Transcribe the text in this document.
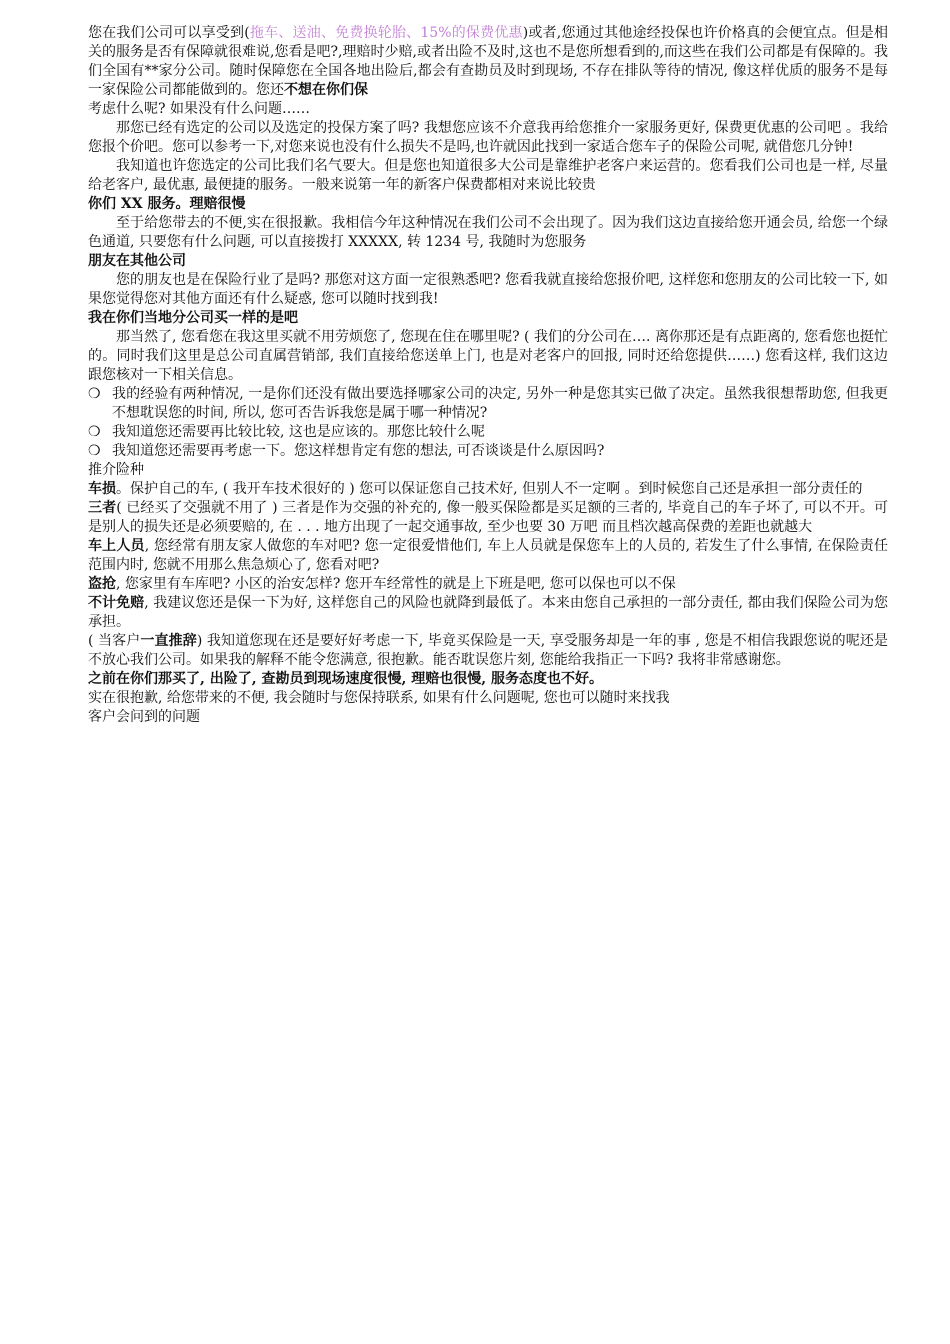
您在我们公司可以享受到(拖车、送油、免费换轮胎、15%的保费优惠)或者,您通过其他途经投保也许价格真的会便宜点。但是相关的服务是否有保障就很难说,您看是吧?,理赔时少赔,或者出险不及时,这也不是您所想看到的,而这些在我们公司都是有保障的。我们全国有**家分公司。随时保障您在全国各地出险后,都会有查勘员及时到现场, 不存在排队等待的情况, 像这样优质的服务不是每一家保险公司都能做到的。您还不想在你们保
考虑什么呢? 如果没有什么问题……

那您已经有选定的公司以及选定的投保方案了吗? 我想您应该不介意我再给您推介一家服务更好, 保费更优惠的公司吧 。我给您报个价吧。您可以参考一下,对您来说也没有什么损失不是吗,也许就因此找到一家适合您车子的保险公司呢, 就借您几分钟!

我知道也许您选定的公司比我们名气要大。但是您也知道很多大公司是靠维护老客户来运营的。您看我们公司也是一样, 尽量给老客户, 最优惠, 最便捷的服务。一般来说第一年的新客户保费都相对来说比较贵

你们 XX 服务。理赔很慢

至于给您带去的不便,实在很报歉。我相信今年这种情况在我们公司不会出现了。因为我们这边直接给您开通会员, 给您一个绿色通道, 只要您有什么问题, 可以直接拨打 XXXXX, 转 1234 号, 我随时为您服务

朋友在其他公司

您的朋友也是在保险行业了是吗? 那您对这方面一定很熟悉吧? 您看我就直接给您报价吧, 这样您和您朋友的公司比较一下, 如果您觉得您对其他方面还有什么疑惑, 您可以随时找到我!

我在你们当地分公司买一样的是吧

那当然了, 您看您在我这里买就不用劳烦您了, 您现在住在哪里呢? ( 我们的分公司在…. 离你那还是有点距离的, 您看您也挺忙的。同时我们这里是总公司直属营销部, 我们直接给您送单上门, 也是对老客户的回报, 同时还给您提供……) 您看这样, 我们这边跟您核对一下相关信息。

❍ 我的经验有两种情况, 一是你们还没有做出要选择哪家公司的决定, 另外一种是您其实已做了决定。虽然我很想帮助您, 但我更不想耽误您的时间, 所以, 您可否告诉我您是属于哪一种情况?
❍ 我知道您还需要再比较比较, 这也是应该的。那您比较什么呢
❍ 我知道您还需要再考虑一下。您这样想肯定有您的想法, 可否谈谈是什么原因吗?

推介险种

车损。保护自己的车, ( 我开车技术很好的 ) 您可以保证您自己技术好, 但别人不一定啊 。到时候您自己还是承担一部分责任的

三者( 已经买了交强就不用了 ) 三者是作为交强的补充的, 像一般买保险都是买足额的三者的, 毕竟自己的车子坏了, 可以不开。可是别人的损失还是必须要赔的, 在 . . . 地方出现了一起交通事故, 至少也要 30 万吧 而且档次越高保费的差距也就越大

车上人员, 您经常有朋友家人做您的车对吧? 您一定很爱惜他们, 车上人员就是保您车上的人员的, 若发生了什么事情, 在保险责任范围内时, 您就不用那么焦急烦心了, 您看对吧?

盗抢, 您家里有车库吧? 小区的治安怎样? 您开车经常性的就是上下班是吧, 您可以保也可以不保

不计免赔, 我建议您还是保一下为好, 这样您自己的风险也就降到最低了。本来由您自己承担的一部分责任, 都由我们保险公司为您承担。

( 当客户一直推辞) 我知道您现在还是要好好考虑一下, 毕竟买保险是一天, 享受服务却是一年的事 , 您是不相信我跟您说的呢还是不放心我们公司。如果我的解释不能令您满意, 很抱歉。能否耽误您片刻, 您能给我指正一下吗? 我将非常感谢您。

之前在你们那买了, 出险了, 查勘员到现场速度很慢, 理赔也很慢, 服务态度也不好。

实在很抱歉, 给您带来的不便, 我会随时与您保持联系, 如果有什么问题呢, 您也可以随时来找我

客户会问到的问题
